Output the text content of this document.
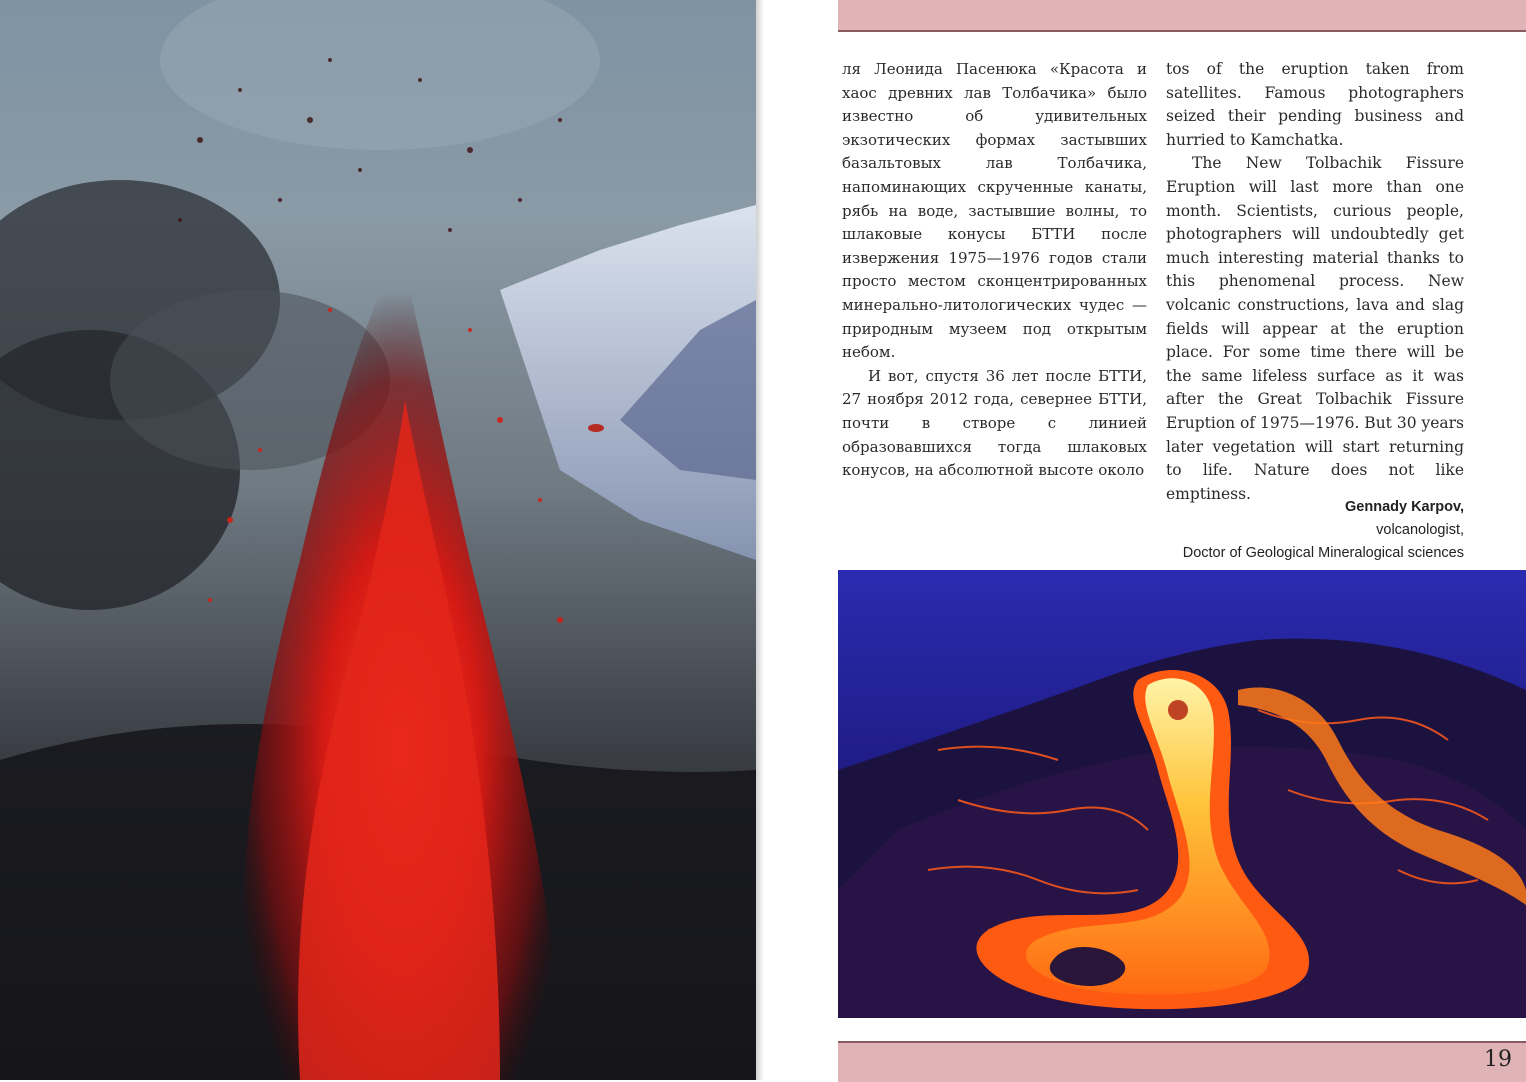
ля Леонида Пасенюка «Красота и хаос древних лав Толбачика» было известно об удивительных экзотических формах застывших базальтовых лав Толбачика, напоминающих скрученные канаты, рябь на воде, застывшие волны, то шлаковые конусы БТТИ после извержения 1975—1976 годов стали просто местом сконцентрированных минерально-литологических чудес — природным музеем под открытым небом.

И вот, спустя 36 лет после БТТИ, 27 ноября 2012 года, севернее БТТИ, почти в створе с линией образовавшихся тогда шлаковых конусов, на абсолютной высоте около

tos of the eruption taken from satellites. Famous photographers seized their pending business and hurried to Kamchatka.

The New Tolbachik Fissure Eruption will last more than one month. Scientists, curious people, photographers will undoubtedly get much interesting material thanks to this phenomenal process. New volcanic constructions, lava and slag fields will appear at the eruption place. For some time there will be the same lifeless surface as it was after the Great Tolbachik Fissure Eruption of 1975—1976. But 30 years later vegetation will start returning to life. Nature does not like emptiness.

Gennady Karpov,
volcanologist,
Doctor of Geological Mineralogical sciences
19
